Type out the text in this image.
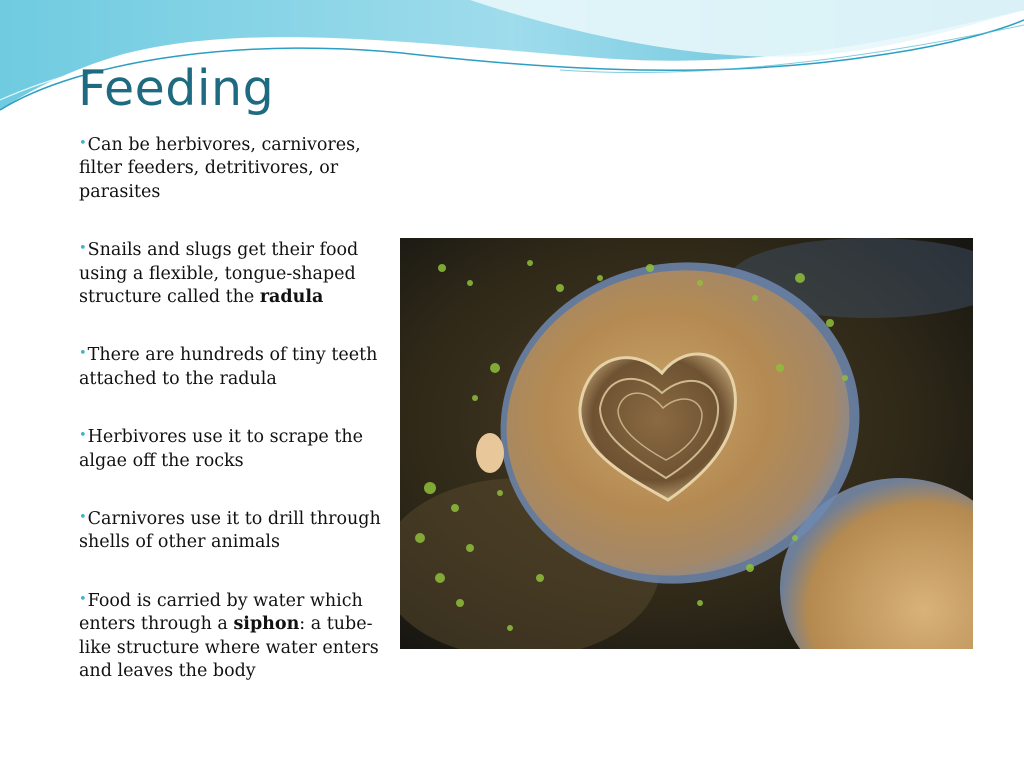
Feeding
•Can be herbivores, carnivores, filter feeders, detritivores, or parasites
•Snails and slugs get their food using a flexible, tongue-shaped structure called the radula
•There are hundreds of tiny teeth attached to the radula
•Herbivores use it to scrape the algae off the rocks
•Carnivores use it to drill through shells of other animals
•Food is carried by water which enters through a siphon: a tube-like structure where water enters and leaves the body
